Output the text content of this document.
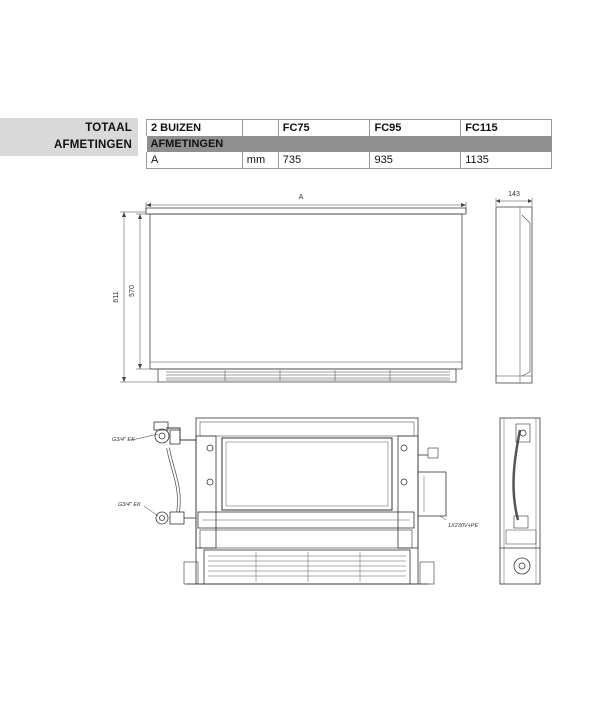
TOTAAL
AFMETINGEN
2 BUIZEN		FC75	FC95	FC115
AFMETINGEN				
A	mm	735	935	1135
A
611
570
143
G3/4" EK
G3/4" EK
1X230V+PE
